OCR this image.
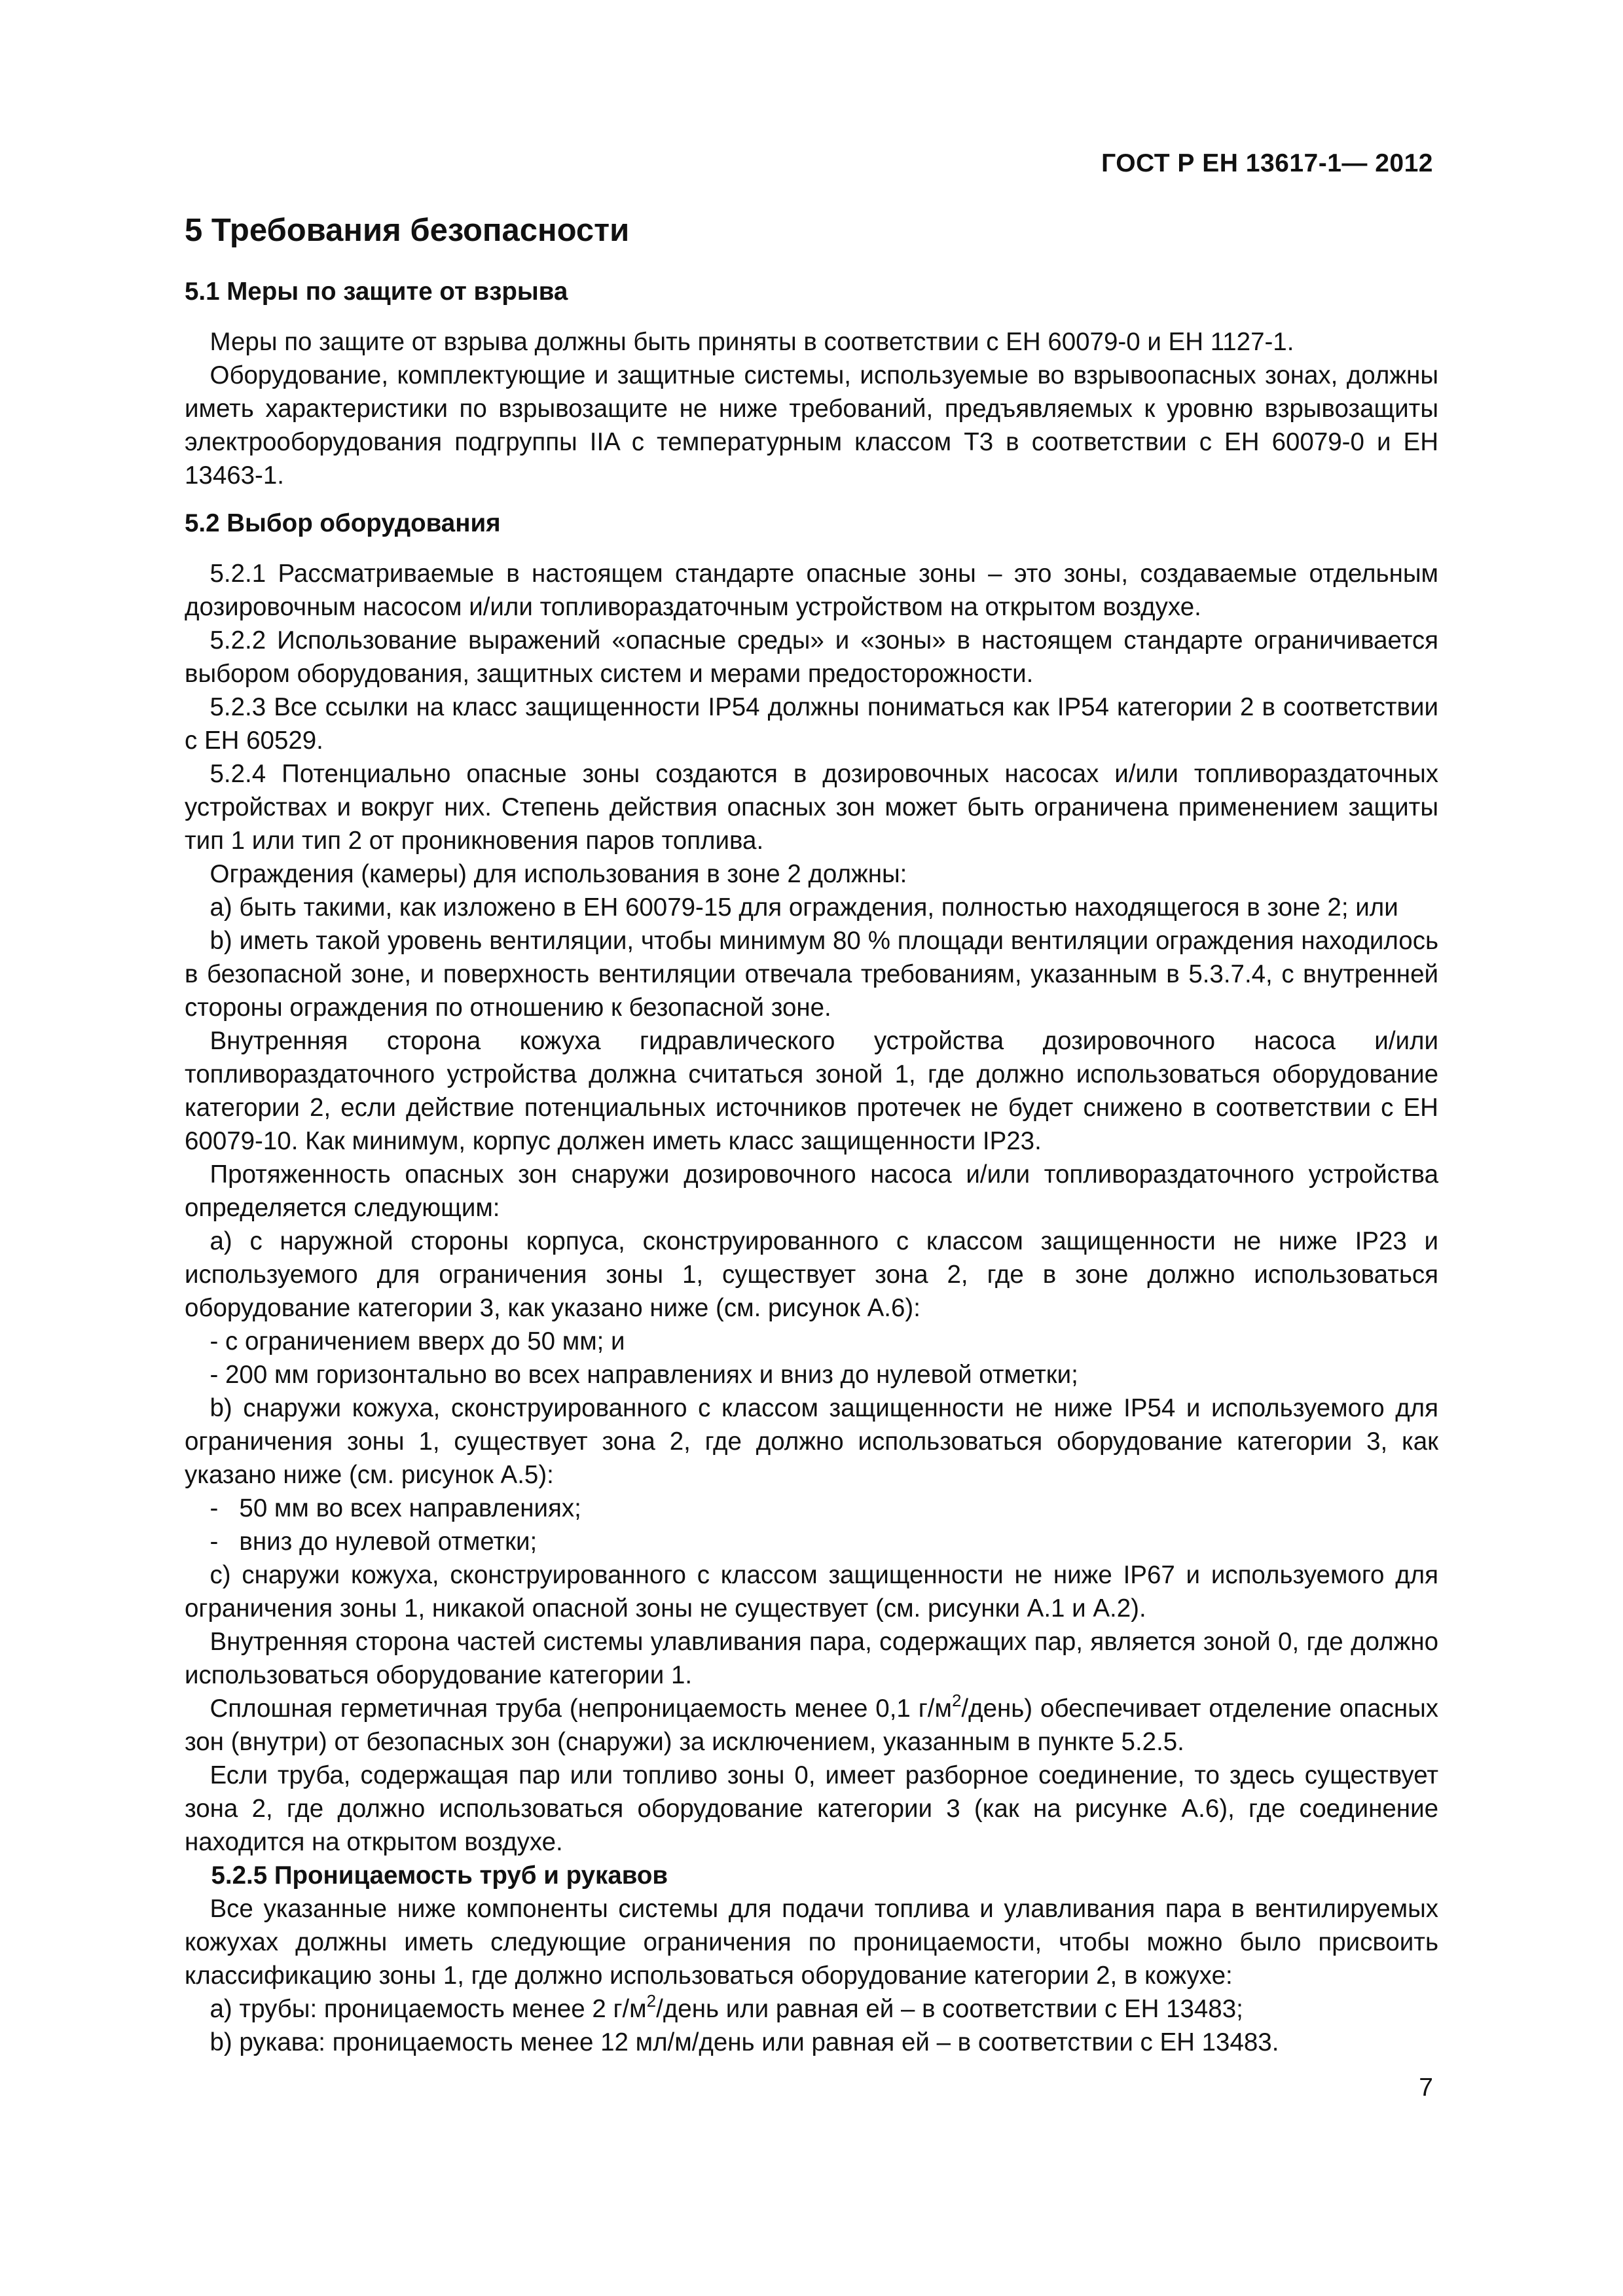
ГОСТ Р ЕН 13617-1— 2012
5 Требования безопасности
5.1 Меры по защите от взрыва

 Меры по защите от взрыва должны быть приняты в соответствии с ЕН 60079-0 и ЕН 1127-1.

 Оборудование, комплектующие и защитные системы, используемые во взрывоопасных зонах, должны иметь характеристики по взрывозащите не ниже требований, предъявляемых к уровню взрывозащиты электрооборудования подгруппы IIA с температурным классом Т3 в соответствии с ЕН 60079-0 и ЕН 13463-1.

5.2 Выбор оборудования

 5.2.1 Рассматриваемые в настоящем стандарте опасные зоны – это зоны, создаваемые отдельным дозировочным насосом и/или топливораздаточным устройством на открытом воздухе.

 5.2.2 Использование выражений «опасные среды» и «зоны» в настоящем стандарте ограничивается выбором оборудования, защитных систем и мерами предосторожности.

 5.2.3 Все ссылки на класс защищенности IP54 должны пониматься как IP54 категории 2 в соответствии с ЕН 60529.

 5.2.4 Потенциально опасные зоны создаются в дозировочных насосах и/или топливораздаточных устройствах и вокруг них. Степень действия опасных зон может быть ограничена применением защиты тип 1 или тип 2 от проникновения паров топлива.

 Ограждения (камеры) для использования в зоне 2 должны:

 а) быть такими, как изложено в ЕН 60079-15 для ограждения, полностью находящегося в зоне 2; или

 b) иметь такой уровень вентиляции, чтобы минимум 80 % площади вентиляции ограждения находилось в безопасной зоне, и поверхность вентиляции отвечала требованиям, указанным в 5.3.7.4, с внутренней стороны ограждения по отношению к безопасной зоне.

 Внутренняя сторона кожуха гидравлического устройства дозировочного насоса и/или топливораздаточного устройства должна считаться зоной 1, где должно использоваться оборудование категории 2, если действие потенциальных источников протечек не будет снижено в соответствии с ЕН 60079-10. Как минимум, корпус должен иметь класс защищенности IP23.

 Протяженность опасных зон снаружи дозировочного насоса и/или топливораздаточного устройства определяется следующим:

 а) с наружной стороны корпуса, сконструированного с классом защищенности не ниже IP23 и используемого для ограничения зоны 1, существует зона 2, где в зоне должно использоваться оборудование категории 3, как указано ниже (см. рисунок А.6):

 - с ограничением вверх до 50 мм; и

 - 200 мм горизонтально во всех направлениях и вниз до нулевой отметки;

 b) снаружи кожуха, сконструированного с классом защищенности не ниже IP54 и используемого для ограничения зоны 1, существует зона 2, где должно использоваться оборудование категории 3, как указано ниже (см. рисунок А.5):

 -   50 мм во всех направлениях;

 -   вниз до нулевой отметки;

 с) снаружи кожуха, сконструированного с классом защищенности не ниже IP67 и используемого для ограничения зоны 1, никакой опасной зоны не существует (см. рисунки А.1 и А.2).

 Внутренняя сторона частей системы улавливания пара, содержащих пар, является зоной 0, где должно использоваться оборудование категории 1.

 Сплошная герметичная труба (непроницаемость менее 0,1 $г/м^2/день$) обеспечивает отделение опасных зон (внутри) от безопасных зон (снаружи) за исключением, указанным в пункте 5.2.5.

 Если труба, содержащая пар или топливо зоны 0, имеет разборное соединение, то здесь существует зона 2, где должно использоваться оборудование категории 3 (как на рисунке А.6), где соединение находится на открытом воздухе.

 5.2.5 Проницаемость труб и рукавов

 Все указанные ниже компоненты системы для подачи топлива и улавливания пара в вентилируемых кожухах должны иметь следующие ограничения по проницаемости, чтобы можно было присвоить классификацию зоны 1, где должно использоваться оборудование категории 2, в кожухе:

 а) трубы: проницаемость менее 2 $г/м^2$/день или равная ей – в соответствии с ЕН 13483;

 b) рукава: проницаемость менее 12 мл/м/день или равная ей – в соответствии с ЕН 13483.

7
